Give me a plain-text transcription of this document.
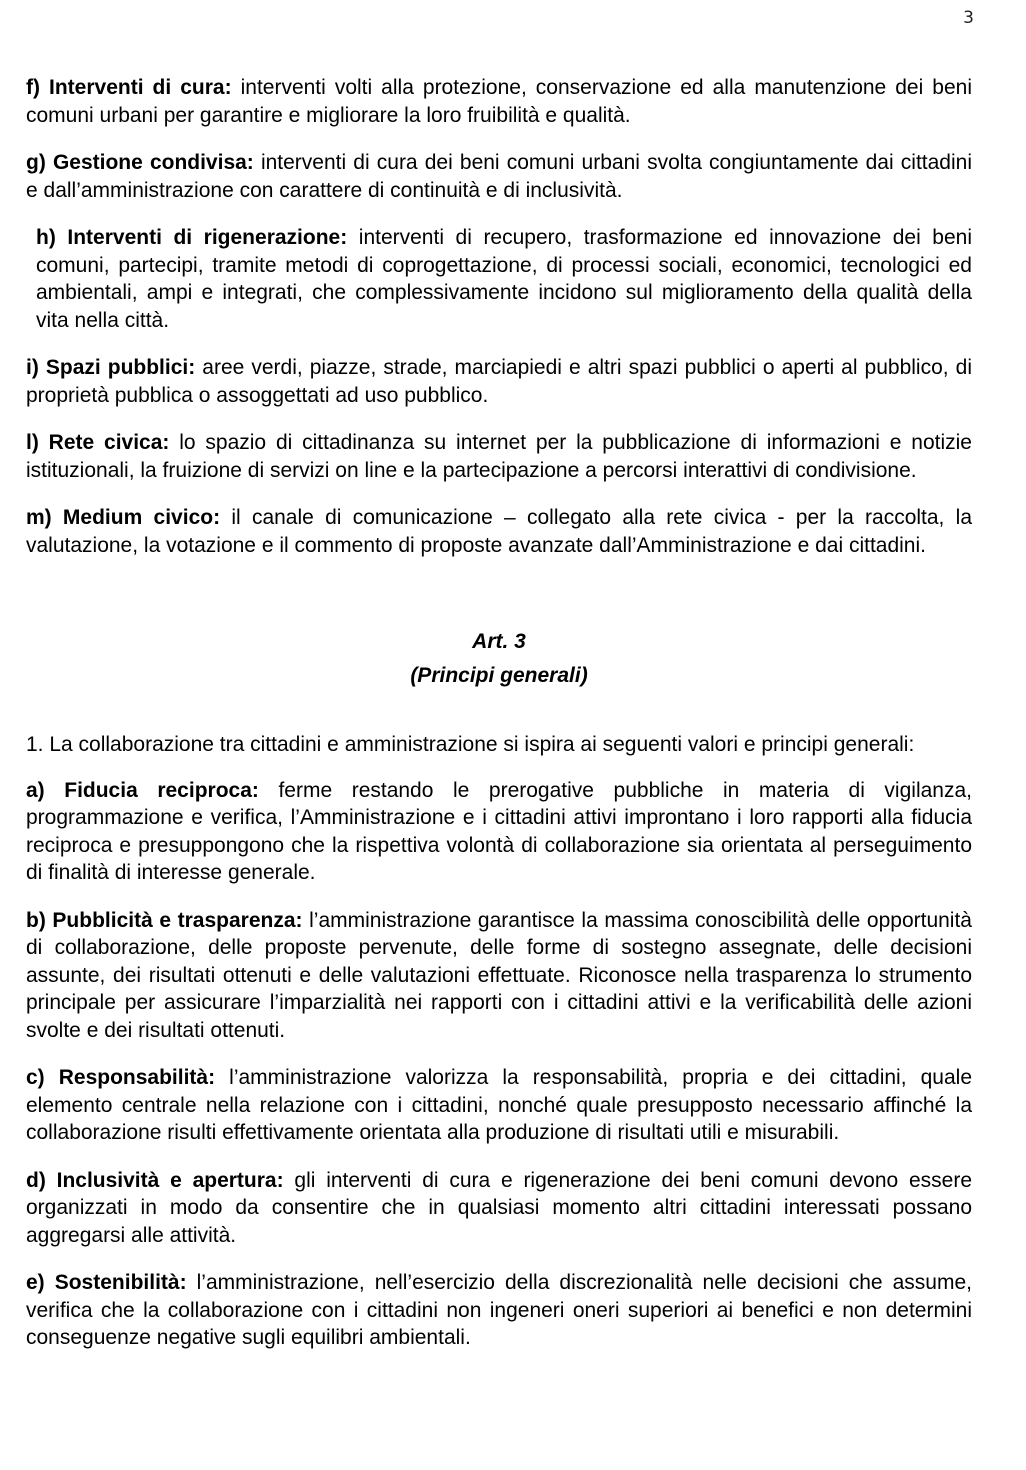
3

f) Interventi di cura: interventi volti alla protezione, conservazione ed alla manutenzione dei beni comuni urbani per garantire e migliorare la loro fruibilità e qualità.

g) Gestione condivisa: interventi di cura dei beni comuni urbani svolta congiuntamente dai cittadini e dall’amministrazione con carattere di continuità e di inclusività.

h) Interventi di rigenerazione: interventi di recupero, trasformazione ed innovazione dei beni comuni, partecipi, tramite metodi di coprogettazione, di processi sociali, economici, tecnologici ed ambientali, ampi e integrati, che complessivamente incidono sul miglioramento della qualità della vita nella città.

i) Spazi pubblici: aree verdi, piazze, strade, marciapiedi e altri spazi pubblici o aperti al pubblico, di proprietà pubblica o assoggettati ad uso pubblico.

l) Rete civica: lo spazio di cittadinanza su internet per la pubblicazione di informazioni e notizie istituzionali, la fruizione di servizi on line e la partecipazione a percorsi interattivi di condivisione.

m) Medium civico: il canale di comunicazione – collegato alla rete civica - per la raccolta, la valutazione, la votazione e il commento di proposte avanzate dall’Amministrazione e dai cittadini.

Art. 3

(Principi generali)

1. La collaborazione tra cittadini e amministrazione si ispira ai seguenti valori e principi generali:

a) Fiducia reciproca: ferme restando le prerogative pubbliche in materia di vigilanza, programmazione e verifica, l’Amministrazione e i cittadini attivi improntano i loro rapporti alla fiducia reciproca e presuppongono che la rispettiva volontà di collaborazione sia orientata al perseguimento di finalità di interesse generale.

b) Pubblicità e trasparenza: l’amministrazione garantisce la massima conoscibilità delle opportunità di collaborazione, delle proposte pervenute, delle forme di sostegno assegnate, delle decisioni assunte, dei risultati ottenuti e delle valutazioni effettuate. Riconosce nella trasparenza lo strumento principale per assicurare l’imparzialità nei rapporti con i cittadini attivi e la verificabilità delle azioni svolte e dei risultati ottenuti.

c) Responsabilità: l’amministrazione valorizza la responsabilità, propria e dei cittadini, quale elemento centrale nella relazione con i cittadini, nonché quale presupposto necessario affinché la collaborazione risulti effettivamente orientata alla produzione di risultati utili e misurabili.

d) Inclusività e apertura: gli interventi di cura e rigenerazione dei beni comuni devono essere organizzati in modo da consentire che in qualsiasi momento altri cittadini interessati possano aggregarsi alle attività.

e) Sostenibilità: l’amministrazione, nell’esercizio della discrezionalità nelle decisioni che assume, verifica che la collaborazione con i cittadini non ingeneri oneri superiori ai benefici e non determini conseguenze negative sugli equilibri ambientali.
